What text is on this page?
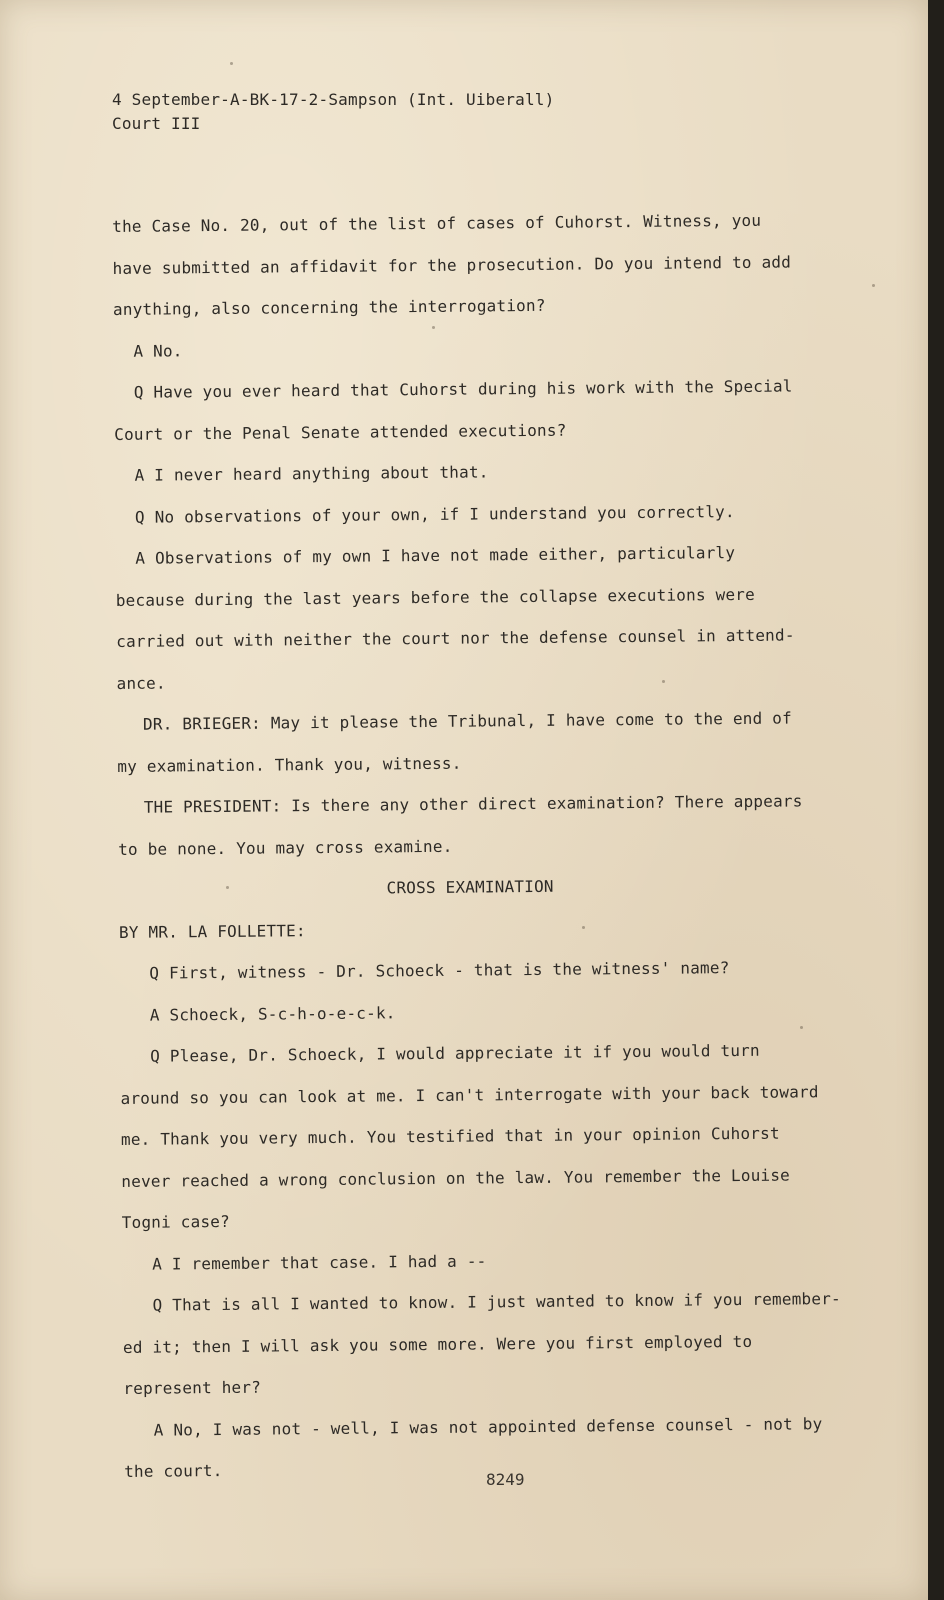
4 September-A-BK-17-2-Sampson (Int. Uiberall)
Court III
the Case No. 20, out of the list of cases of Cuhorst. Witness, you
have submitted an affidavit for the prosecution. Do you intend to add
anything, also concerning the interrogation?
A No.
Q Have you ever heard that Cuhorst during his work with the Special
Court or the Penal Senate attended executions?
A I never heard anything about that.
Q No observations of your own, if I understand you correctly.
A Observations of my own I have not made either, particularly
because during the last years before the collapse executions were
carried out with neither the court nor the defense counsel in attend-
ance.
DR. BRIEGER: May it please the Tribunal, I have come to the end of
my examination. Thank you, witness.
THE PRESIDENT: Is there any other direct examination? There appears
to be none. You may cross examine.
CROSS EXAMINATION
BY MR. LA FOLLETTE:
Q First, witness - Dr. Schoeck - that is the witness' name?
A Schoeck, S-c-h-o-e-c-k.
Q Please, Dr. Schoeck, I would appreciate it if you would turn
around so you can look at me. I can't interrogate with your back toward
me. Thank you very much. You testified that in your opinion Cuhorst
never reached a wrong conclusion on the law. You remember the Louise
Togni case?
A I remember that case. I had a --
Q That is all I wanted to know. I just wanted to know if you remember-
ed it; then I will ask you some more. Were you first employed to
represent her?
A No, I was not - well, I was not appointed defense counsel - not by
the court.	8249
